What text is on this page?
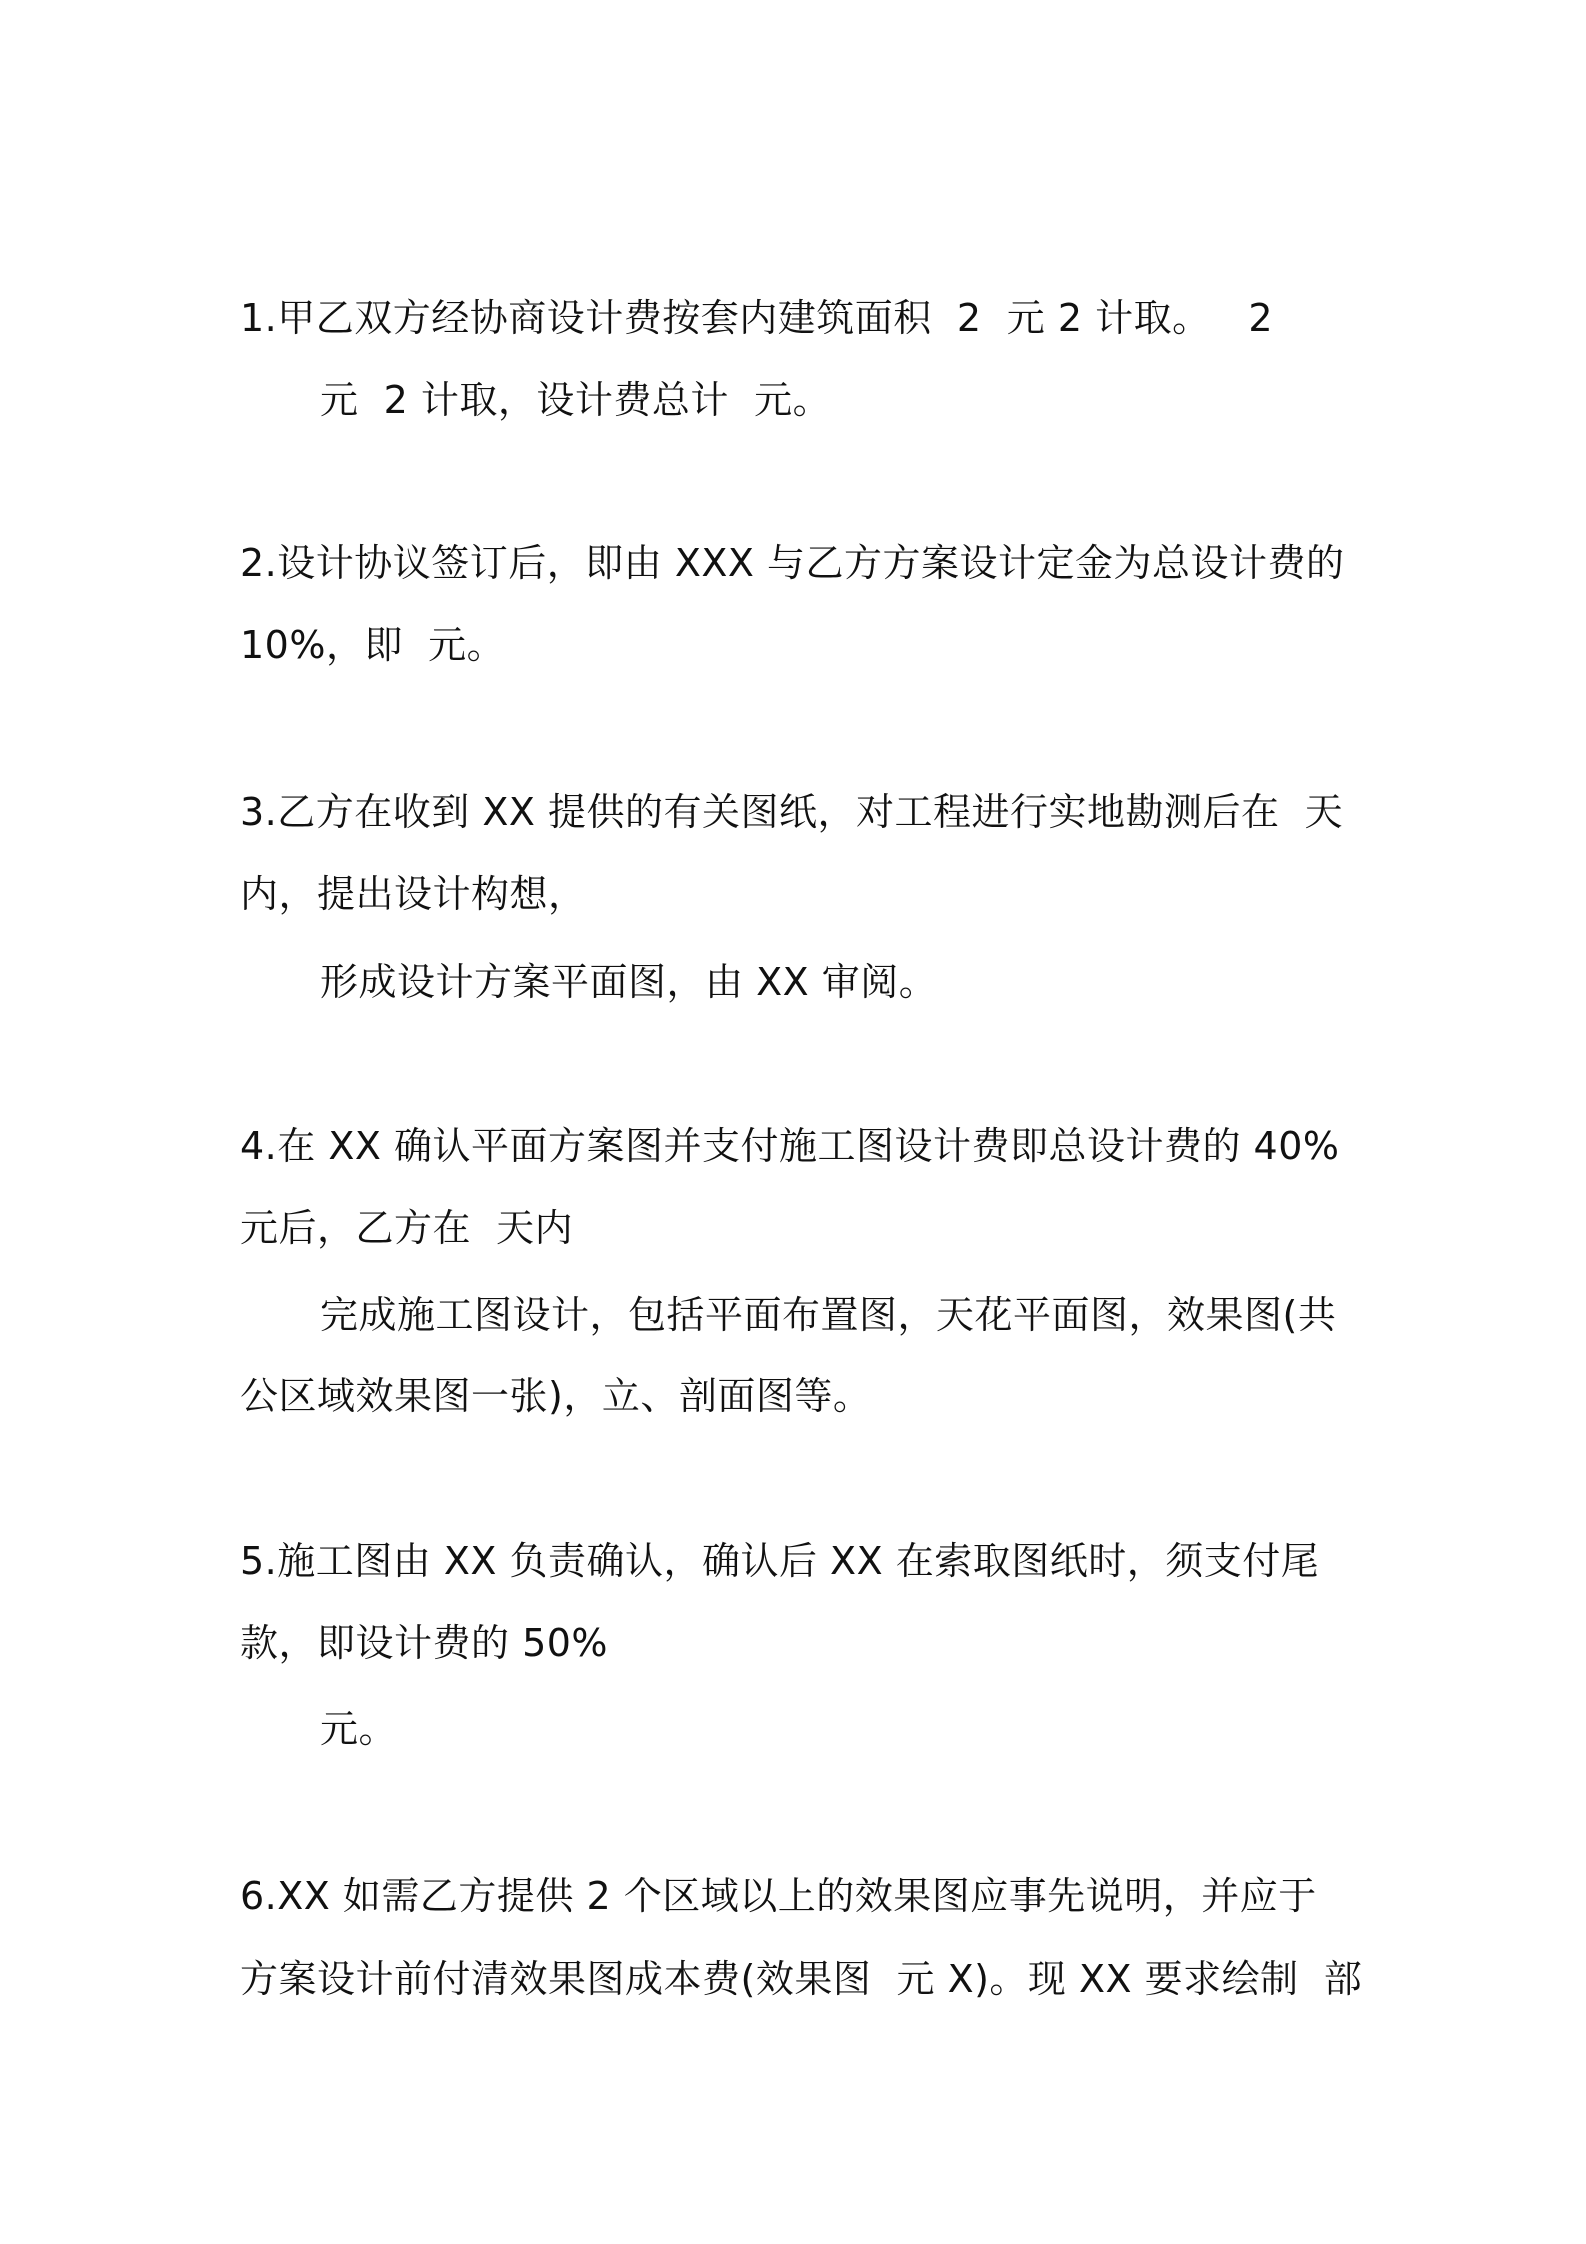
1.甲乙双方经协商设计费按套内建筑面积  2  元 2 计取。   2
元  2 计取，设计费总计  元。
2.设计协议签订后，即由 XXX 与乙方方案设计定金为总设计费的
10%，即  元。
3.乙方在收到 XX 提供的有关图纸，对工程进行实地勘测后在  天
内，提出设计构想，
形成设计方案平面图，由 XX 审阅。
4.在 XX 确认平面方案图并支付施工图设计费即总设计费的 40%
元后，乙方在  天内
完成施工图设计，包括平面布置图，天花平面图，效果图(共
公区域效果图一张)，立、剖面图等。
5.施工图由 XX 负责确认，确认后 XX 在索取图纸时，须支付尾
款，即设计费的 50%
元。
6.XX 如需乙方提供 2 个区域以上的效果图应事先说明，并应于
方案设计前付清效果图成本费(效果图  元 X)。现 XX 要求绘制  部
